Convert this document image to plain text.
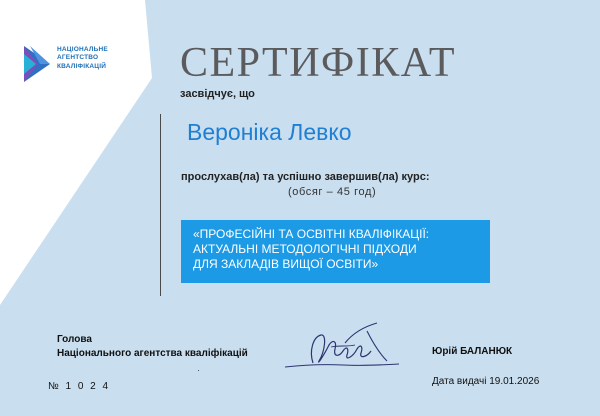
НАЦІОНАЛЬНЕ
АГЕНТСТВО
КВАЛІФІКАЦІЙ	СЕРТИФІКАТ
засвідчує, що
Вероніка Левко
прослухав(ла) та успішно завершив(ла) курс:
(обсяг – 45 год)
«ПРОФЕСІЙНІ ТА ОСВІТНІ КВАЛІФІКАЦІЇ:
АКТУАЛЬНІ МЕТОДОЛОГІЧНІ ПІДХОДИ
ДЛЯ ЗАКЛАДІВ ВИЩОЇ ОСВІТИ»
Голова
Національного агентства кваліфікацій	Юрій БАЛАНЮК
№ 1 0 2 4	Дата видачі 19.01.2026
